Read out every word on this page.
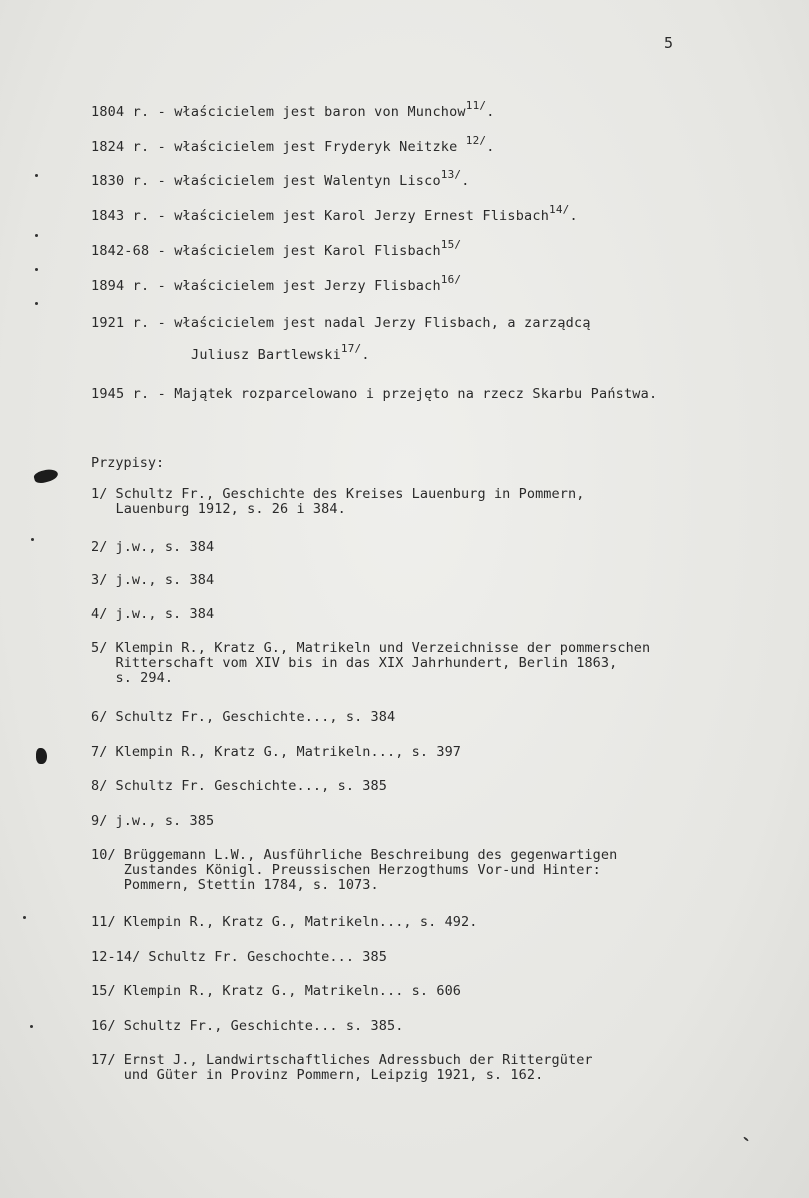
5
1804 r. - właścicielem jest baron von Munchow$^{11/}$.
1824 r. - właścicielem jest Fryderyk Neitzke $^{12/}$.
1830 r. - właścicielem jest Walentyn Lisco$^{13/}$.
1843 r. - właścicielem jest Karol Jerzy Ernest Flisbach$^{14/}$.
1842-68 - właścicielem jest Karol Flisbach$^{15/}$
1894 r. - właścicielem jest Jerzy Flisbach$^{16/}$
1921 r. - właścicielem jest nadal Jerzy Flisbach, a zarządcą
Juliusz Bartlewski$^{17/}$.
1945 r. - Majątek rozparcelowano i przejęto na rzecz Skarbu Państwa.
Przypisy:
1/ Schultz Fr., Geschichte des Kreises Lauenburg in Pommern,
Lauenburg 1912, s. 26 i 384.
2/ j.w., s. 384
3/ j.w., s. 384
4/ j.w., s. 384
5/ Klempin R., Kratz G., Matrikeln und Verzeichnisse der pommerschen
Ritterschaft vom XIV bis in das XIX Jahrhundert, Berlin 1863,
s. 294.
6/ Schultz Fr., Geschichte..., s. 384
7/ Klempin R., Kratz G., Matrikeln..., s. 397
8/ Schultz Fr. Geschichte..., s. 385
9/ j.w., s. 385
10/ Brüggemann L.W., Ausführliche Beschreibung des gegenwartigen
Zustandes Königl. Preussischen Herzogthums Vor-und Hinter:
Pommern, Stettin 1784, s. 1073.
11/ Klempin R., Kratz G., Matrikeln..., s. 492.
12-14/ Schultz Fr. Geschochte... 385
15/ Klempin R., Kratz G., Matrikeln... s. 606
16/ Schultz Fr., Geschichte... s. 385.
17/ Ernst J., Landwirtschaftliches Adressbuch der Rittergüter
und Güter in Provinz Pommern, Leipzig 1921, s. 162.
